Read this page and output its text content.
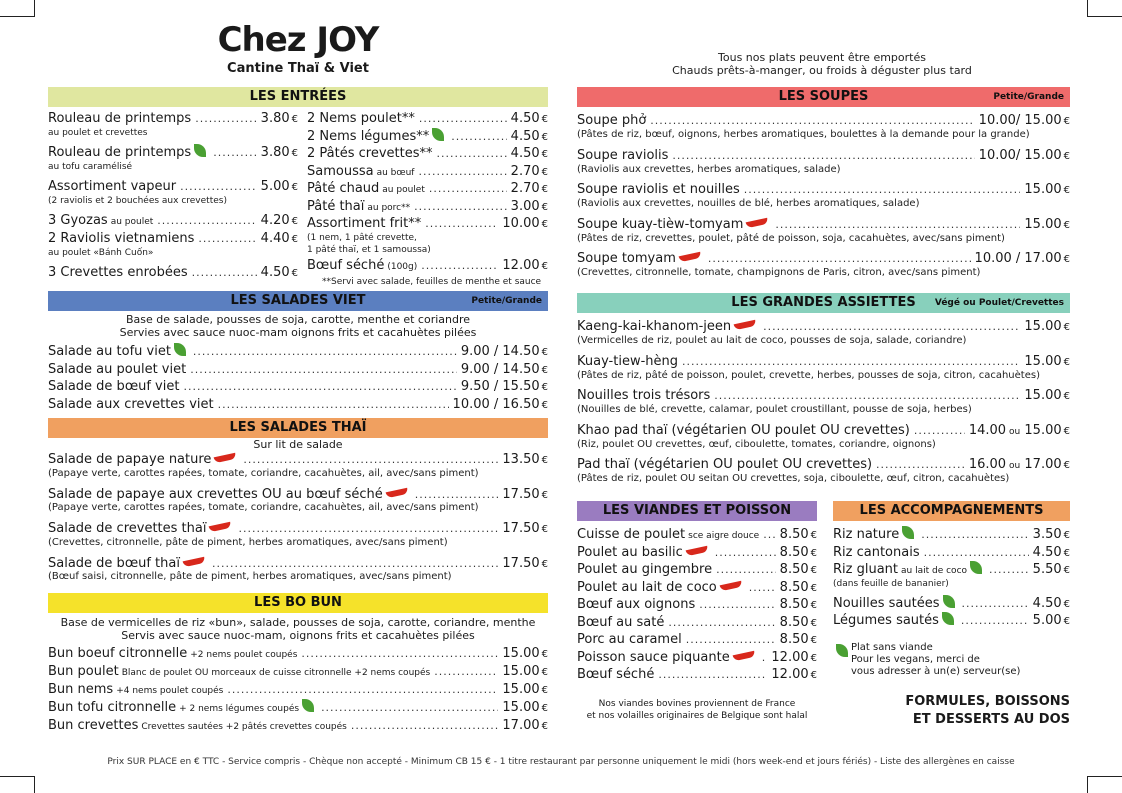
Chez JOY
Cantine Thaï & Viet
Tous nos plats peuvent être emportés
Chauds prêts-à-manger, ou froids à déguster plus tard
LES ENTRÉES
Rouleau de printemps .....	3.80 €
au poulet et crevettes
Rouleau de printemps .....	3.80 €
au tofu caramélisé
Assortiment vapeur .....	5.00 €
(2 raviolis et 2 bouchées aux crevettes)
3 Gyozas au poulet .....	4.20 €
2 Raviolis vietnamiens .....	4.40 €
au poulet «Bánh Cuốn»
3 Crevettes enrobées .....	4.50 €
2 Nems poulet** .....	4.50 €
2 Nems légumes** .....	4.50 €
2 Pâtés crevettes** .....	4.50 €
Samoussa au bœuf .....	2.70 €
Pâté chaud au poulet .....	2.70 €
Pâté thaï au porc** .....	3.00 €
Assortiment frit** .....	10.00 €
(1 nem, 1 pâté crevette,
1 pâté thaï, et 1 samoussa)
Bœuf séché (100g) .....	12.00 €
**Servi avec salade, feuilles de menthe et sauce
LES SALADES VIET	Petite/Grande
Base de salade, pousses de soja, carotte, menthe et coriandre
Servies avec sauce nuoc-mam oignons frits et cacahuètes pilées
Salade au tofu viet .....	9.00 / 14.50 €
Salade au poulet viet .....	9.00 / 14.50 €
Salade de bœuf viet .....	9.50 / 15.50 €
Salade aux crevettes viet .....	10.00 / 16.50 €
LES SALADES THAÏ
Sur lit de salade
Salade de papaye nature .....	13.50 €
(Papaye verte, carottes rapées, tomate, coriandre, cacahuètes, ail, avec/sans piment)
Salade de papaye aux crevettes OU au bœuf séché .....	17.50 €
(Papaye verte, carottes rapées, tomate, coriandre, cacahuètes, ail, avec/sans piment)
Salade de crevettes thaï .....	17.50 €
(Crevettes, citronnelle, pâte de piment, herbes aromatiques, avec/sans piment)
Salade de bœuf thaï .....	17.50 €
(Bœuf saisi, citronnelle, pâte de piment, herbes aromatiques, avec/sans piment)
LES BO BUN
Base de vermicelles de riz «bun», salade, pousses de soja, carotte, coriandre, menthe
Servis avec sauce nuoc-mam, oignons frits et cacahuètes pilées
Bun boeuf citronnelle +2 nems poulet coupés .....	15.00 €
Bun poulet Blanc de poulet OU morceaux de cuisse citronnelle +2 nems coupés .....	15.00 €
Bun nems +4 nems poulet coupés .....	15.00 €
Bun tofu citronnelle + 2 nems légumes coupés .....	15.00 €
Bun crevettes Crevettes sautées +2 pâtés crevettes coupés .....	17.00 €
LES SOUPES	Petite/Grande
Soupe phở .....	10.00/ 15.00 €
(Pâtes de riz, bœuf, oignons, herbes aromatiques, boulettes à la demande pour la grande)
Soupe raviolis .....	10.00/ 15.00 €
(Raviolis aux crevettes, herbes aromatiques, salade)
Soupe raviolis et nouilles .....	15.00 €
(Raviolis aux crevettes, nouilles de blé, herbes aromatiques, salade)
Soupe kuay-tièw-tomyam .....	15.00 €
(Pâtes de riz, crevettes, poulet, pâté de poisson, soja, cacahuètes, avec/sans piment)
Soupe tomyam .....	10.00 / 17.00 €
(Crevettes, citronnelle, tomate, champignons de Paris, citron, avec/sans piment)
LES GRANDES ASSIETTES Végé ou Poulet/Crevettes
Kaeng-kai-khanom-jeen .....	15.00 €
(Vermicelles de riz, poulet au lait de coco, pousses de soja, salade, coriandre)
Kuay-tiew-hèng .....	15.00 €
(Pâtes de riz, pâté de poisson, poulet, crevette, herbes, pousses de soja, citron, cacahuètes)
Nouilles trois trésors .....	15.00 €
(Nouilles de blé, crevette, calamar, poulet croustillant, pousse de soja, herbes)
Khao pad thaï (végétarien OU poulet OU crevettes) .....	14.00 ou 15.00 €
(Riz, poulet OU crevettes, œuf, ciboulette, tomates, coriandre, oignons)
Pad thaï (végétarien OU poulet OU crevettes) .....	16.00 ou 17.00 €
(Pâtes de riz, poulet OU seitan OU crevettes, soja, ciboulette, œuf, citron, cacahuètes)
LES VIANDES ET POISSON
Cuisse de poulet sce aigre douce ..... 8.50 €
Poulet au basilic .....	8.50 €
Poulet au gingembre .....	8.50 €
Poulet au lait de coco .....	8.50 €
Bœuf aux oignons .....	8.50 €
Bœuf au saté .....	8.50 €
Porc au caramel .....	8.50 €
Poisson sauce piquante .....	12.00 €
Bœuf séché .....	12.00 €
Nos viandes bovines proviennent de France
et nos volailles originaires de Belgique sont halal
LES ACCOMPAGNEMENTS
Riz nature .....	3.50 €
Riz cantonais .....	4.50 €
Riz gluant au lait de coco .....	5.50 €
(dans feuille de bananier)
Nouilles sautées .....	4.50 €
Légumes sautés .....	5.00 €
Plat sans viande
Pour les vegans, merci de
vous adresser à un(e) serveur(se)
FORMULES, BOISSONS
ET DESSERTS AU DOS
Prix SUR PLACE en € TTC - Service compris - Chèque non accepté - Minimum CB 15 € - 1 titre restaurant par personne uniquement le midi (hors week-end et jours fériés) - Liste des allergènes en caisse
